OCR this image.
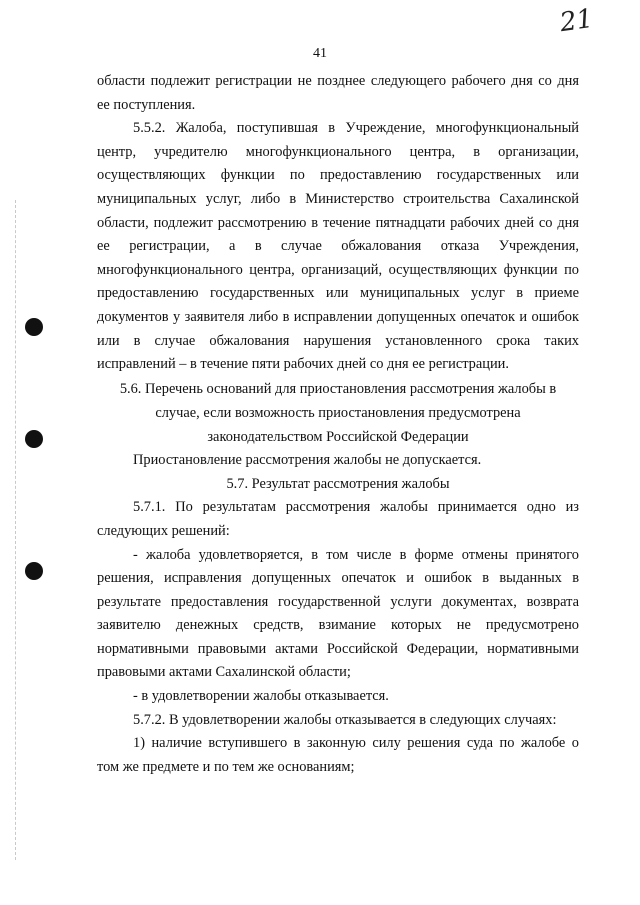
21
41

области подлежит регистрации не позднее следующего рабочего дня со дня

ее поступления.

5.5.2. Жалоба, поступившая в Учреждение, многофункциональный

центр, учредителю многофункционального центра, в организации,

осуществляющих функции по предоставлению государственных или

муниципальных услуг, либо в Министерство строительства Сахалинской

области, подлежит рассмотрению в течение пятнадцати рабочих дней со дня

ее регистрации, а в случае обжалования отказа Учреждения,

многофункционального центра, организаций, осуществляющих функции по

предоставлению государственных или муниципальных услуг в приеме

документов у заявителя либо в исправлении допущенных опечаток и ошибок

или в случае обжалования нарушения установленного срока таких

исправлений – в течение пяти рабочих дней со дня ее регистрации.

5.6. Перечень оснований для приостановления рассмотрения жалобы в

случае, если возможность приостановления предусмотрена

законодательством Российской Федерации

Приостановление рассмотрения жалобы не допускается.

5.7. Результат рассмотрения жалобы

5.7.1. По результатам рассмотрения жалобы принимается одно из

следующих решений:

- жалоба удовлетворяется, в том числе в форме отмены принятого

решения, исправления допущенных опечаток и ошибок в выданных в

результате предоставления государственной услуги документах, возврата

заявителю денежных средств, взимание которых не предусмотрено

нормативными правовыми актами Российской Федерации, нормативными

правовыми актами Сахалинской области;

- в удовлетворении жалобы отказывается.

5.7.2. В удовлетворении жалобы отказывается в следующих случаях:

1) наличие вступившего в законную силу решения суда по жалобе о

том же предмете и по тем же основаниям;
